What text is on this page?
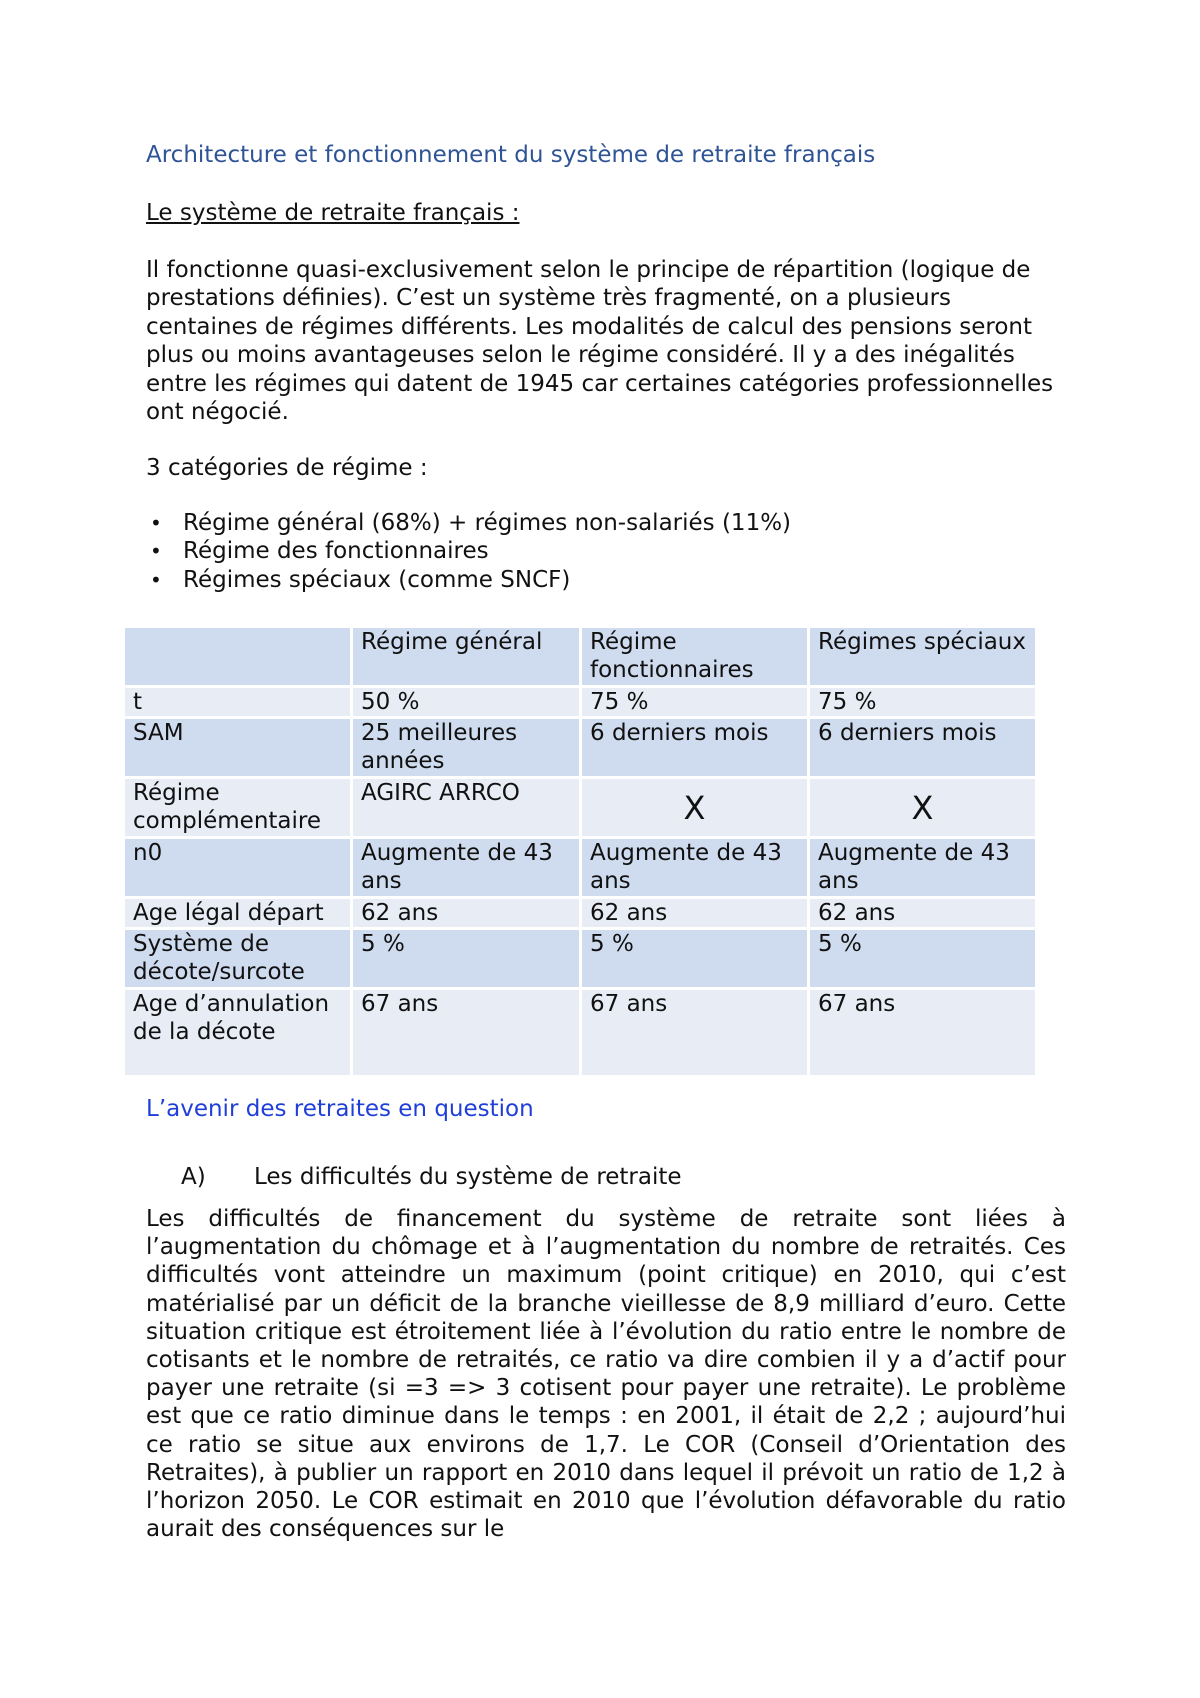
Architecture et fonctionnement du système de retraite français
Le système de retraite français :

Il fonctionne quasi-exclusivement selon le principe de répartition (logique de prestations définies). C’est un système très fragmenté, on a plusieurs centaines de régimes différents. Les modalités de calcul des pensions seront plus ou moins avantageuses selon le régime considéré. Il y a des inégalités entre les régimes qui datent de 1945 car certaines catégories professionnelles ont négocié.

3 catégories de régime :
• Régime général (68%) + régimes non-salariés (11%)
• Régime des fonctionnaires
• Régimes spéciaux (comme SNCF)
	Régime général	Régime fonctionnaires	Régimes spéciaux
t	50 %	75 %	75 %
SAM	25 meilleures années	6 derniers mois	6 derniers mois
Régime complémentaire	AGIRC ARRCO	X	X
n0	Augmente de 43 ans	Augmente de 43 ans	Augmente de 43 ans
Age légal départ	62 ans	62 ans	62 ans
Système de décote/surcote	5 %	5 %	5 %
Age d’annulation de la décote	67 ans	67 ans	67 ans
L’avenir des retraites en question
A) Les difficultés du système de retraite

Les difficultés de financement du système de retraite sont liées à l’augmentation du chômage et à l’augmentation du nombre de retraités. Ces difficultés vont atteindre un maximum (point critique) en 2010, qui c’est matérialisé par un déficit de la branche vieillesse de 8,9 milliard d’euro. Cette situation critique est étroitement liée à l’évolution du ratio entre le nombre de cotisants et le nombre de retraités, ce ratio va dire combien il y a d’actif pour payer une retraite (si =3 => 3 cotisent pour payer une retraite). Le problème est que ce ratio diminue dans le temps : en 2001, il était de 2,2 ; aujourd’hui ce ratio se situe aux environs de 1,7. Le COR (Conseil d’Orientation des Retraites), à publier un rapport en 2010 dans lequel il prévoit un ratio de 1,2 à l’horizon 2050. Le COR estimait en 2010 que l’évolution défavorable du ratio aurait des conséquences sur le
